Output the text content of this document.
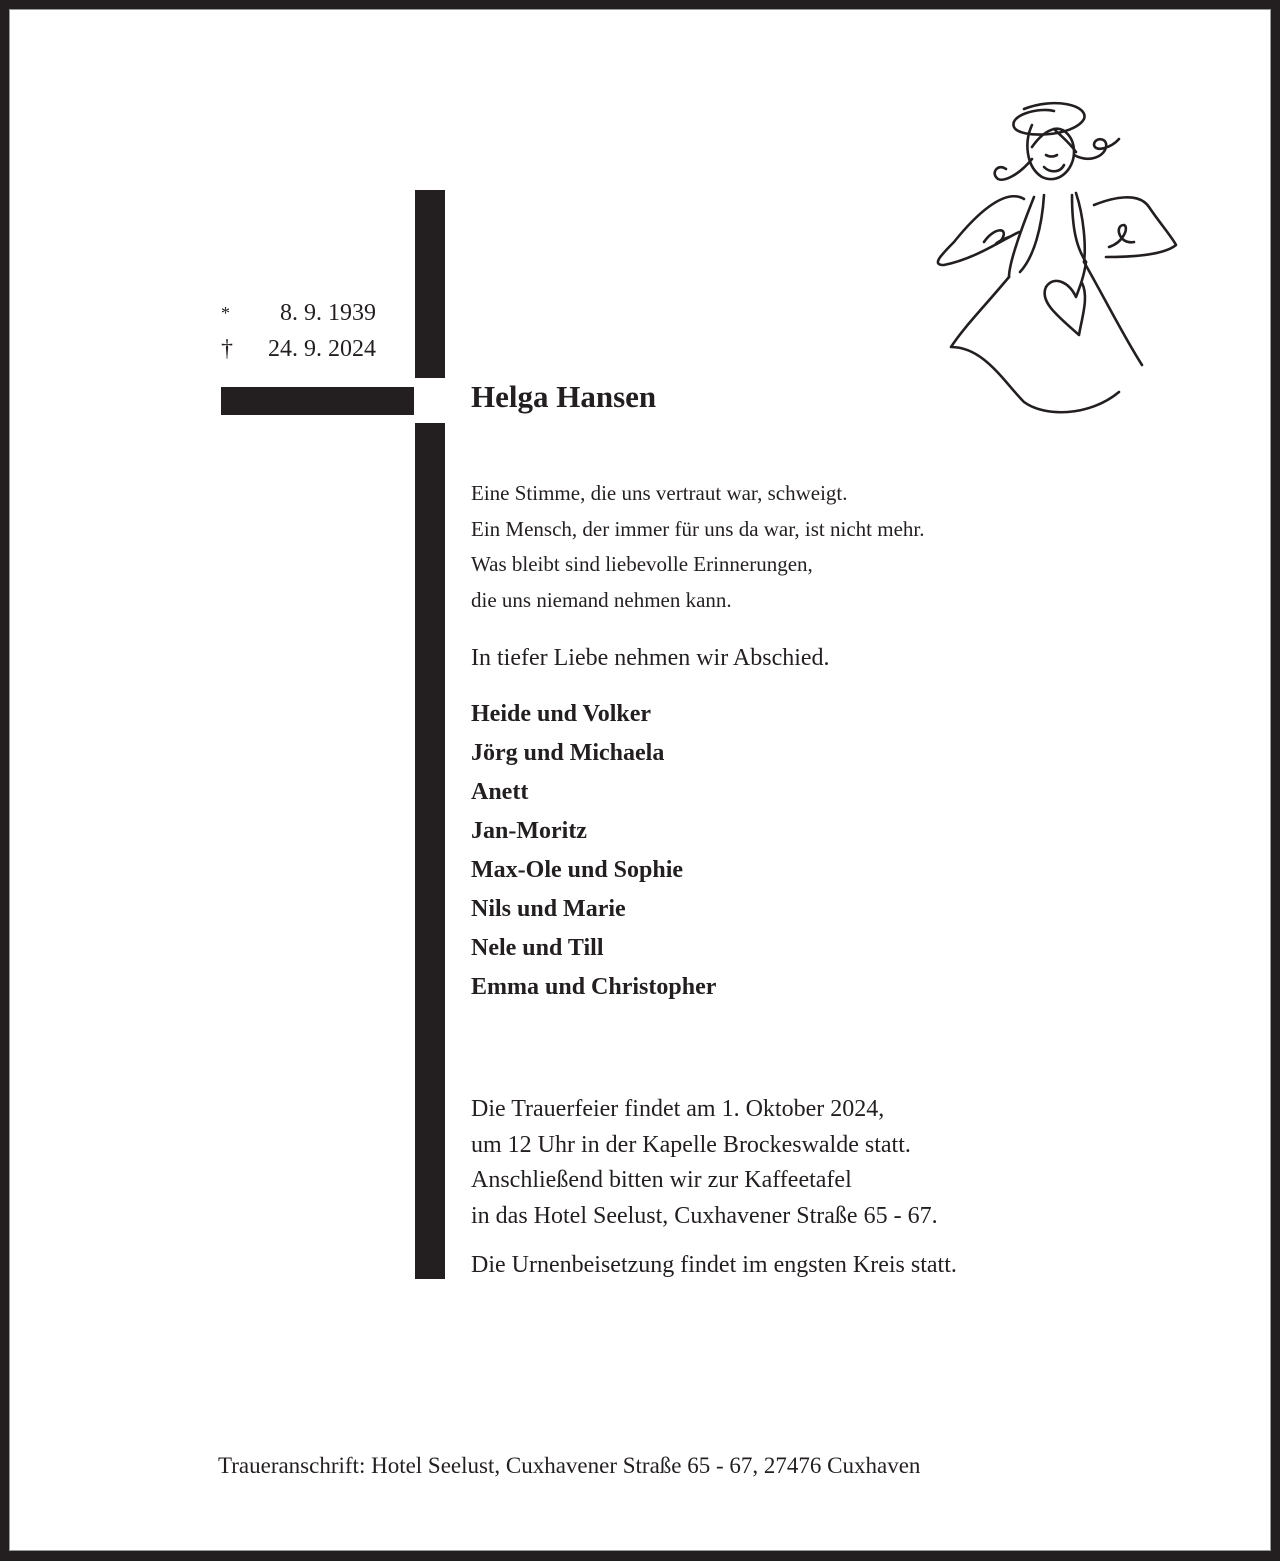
*	8. 9. 1939
†	24. 9. 2024
Helga Hansen
Eine Stimme, die uns vertraut war, schweigt.
Ein Mensch, der immer für uns da war, ist nicht mehr.
Was bleibt sind liebevolle Erinnerungen,
die uns niemand nehmen kann.
In tiefer Liebe nehmen wir Abschied.
Heide und Volker
Jörg und Michaela
Anett
Jan-Moritz
Max-Ole und Sophie
Nils und Marie
Nele und Till
Emma und Christopher
Die Trauerfeier findet am 1. Oktober 2024,
um 12 Uhr in der Kapelle Brockeswalde statt.
Anschließend bitten wir zur Kaffeetafel
in das Hotel Seelust, Cuxhavener Straße 65 - 67.
Die Urnenbeisetzung findet im engsten Kreis statt.
Traueranschrift: Hotel Seelust, Cuxhavener Straße 65 - 67, 27476 Cuxhaven
